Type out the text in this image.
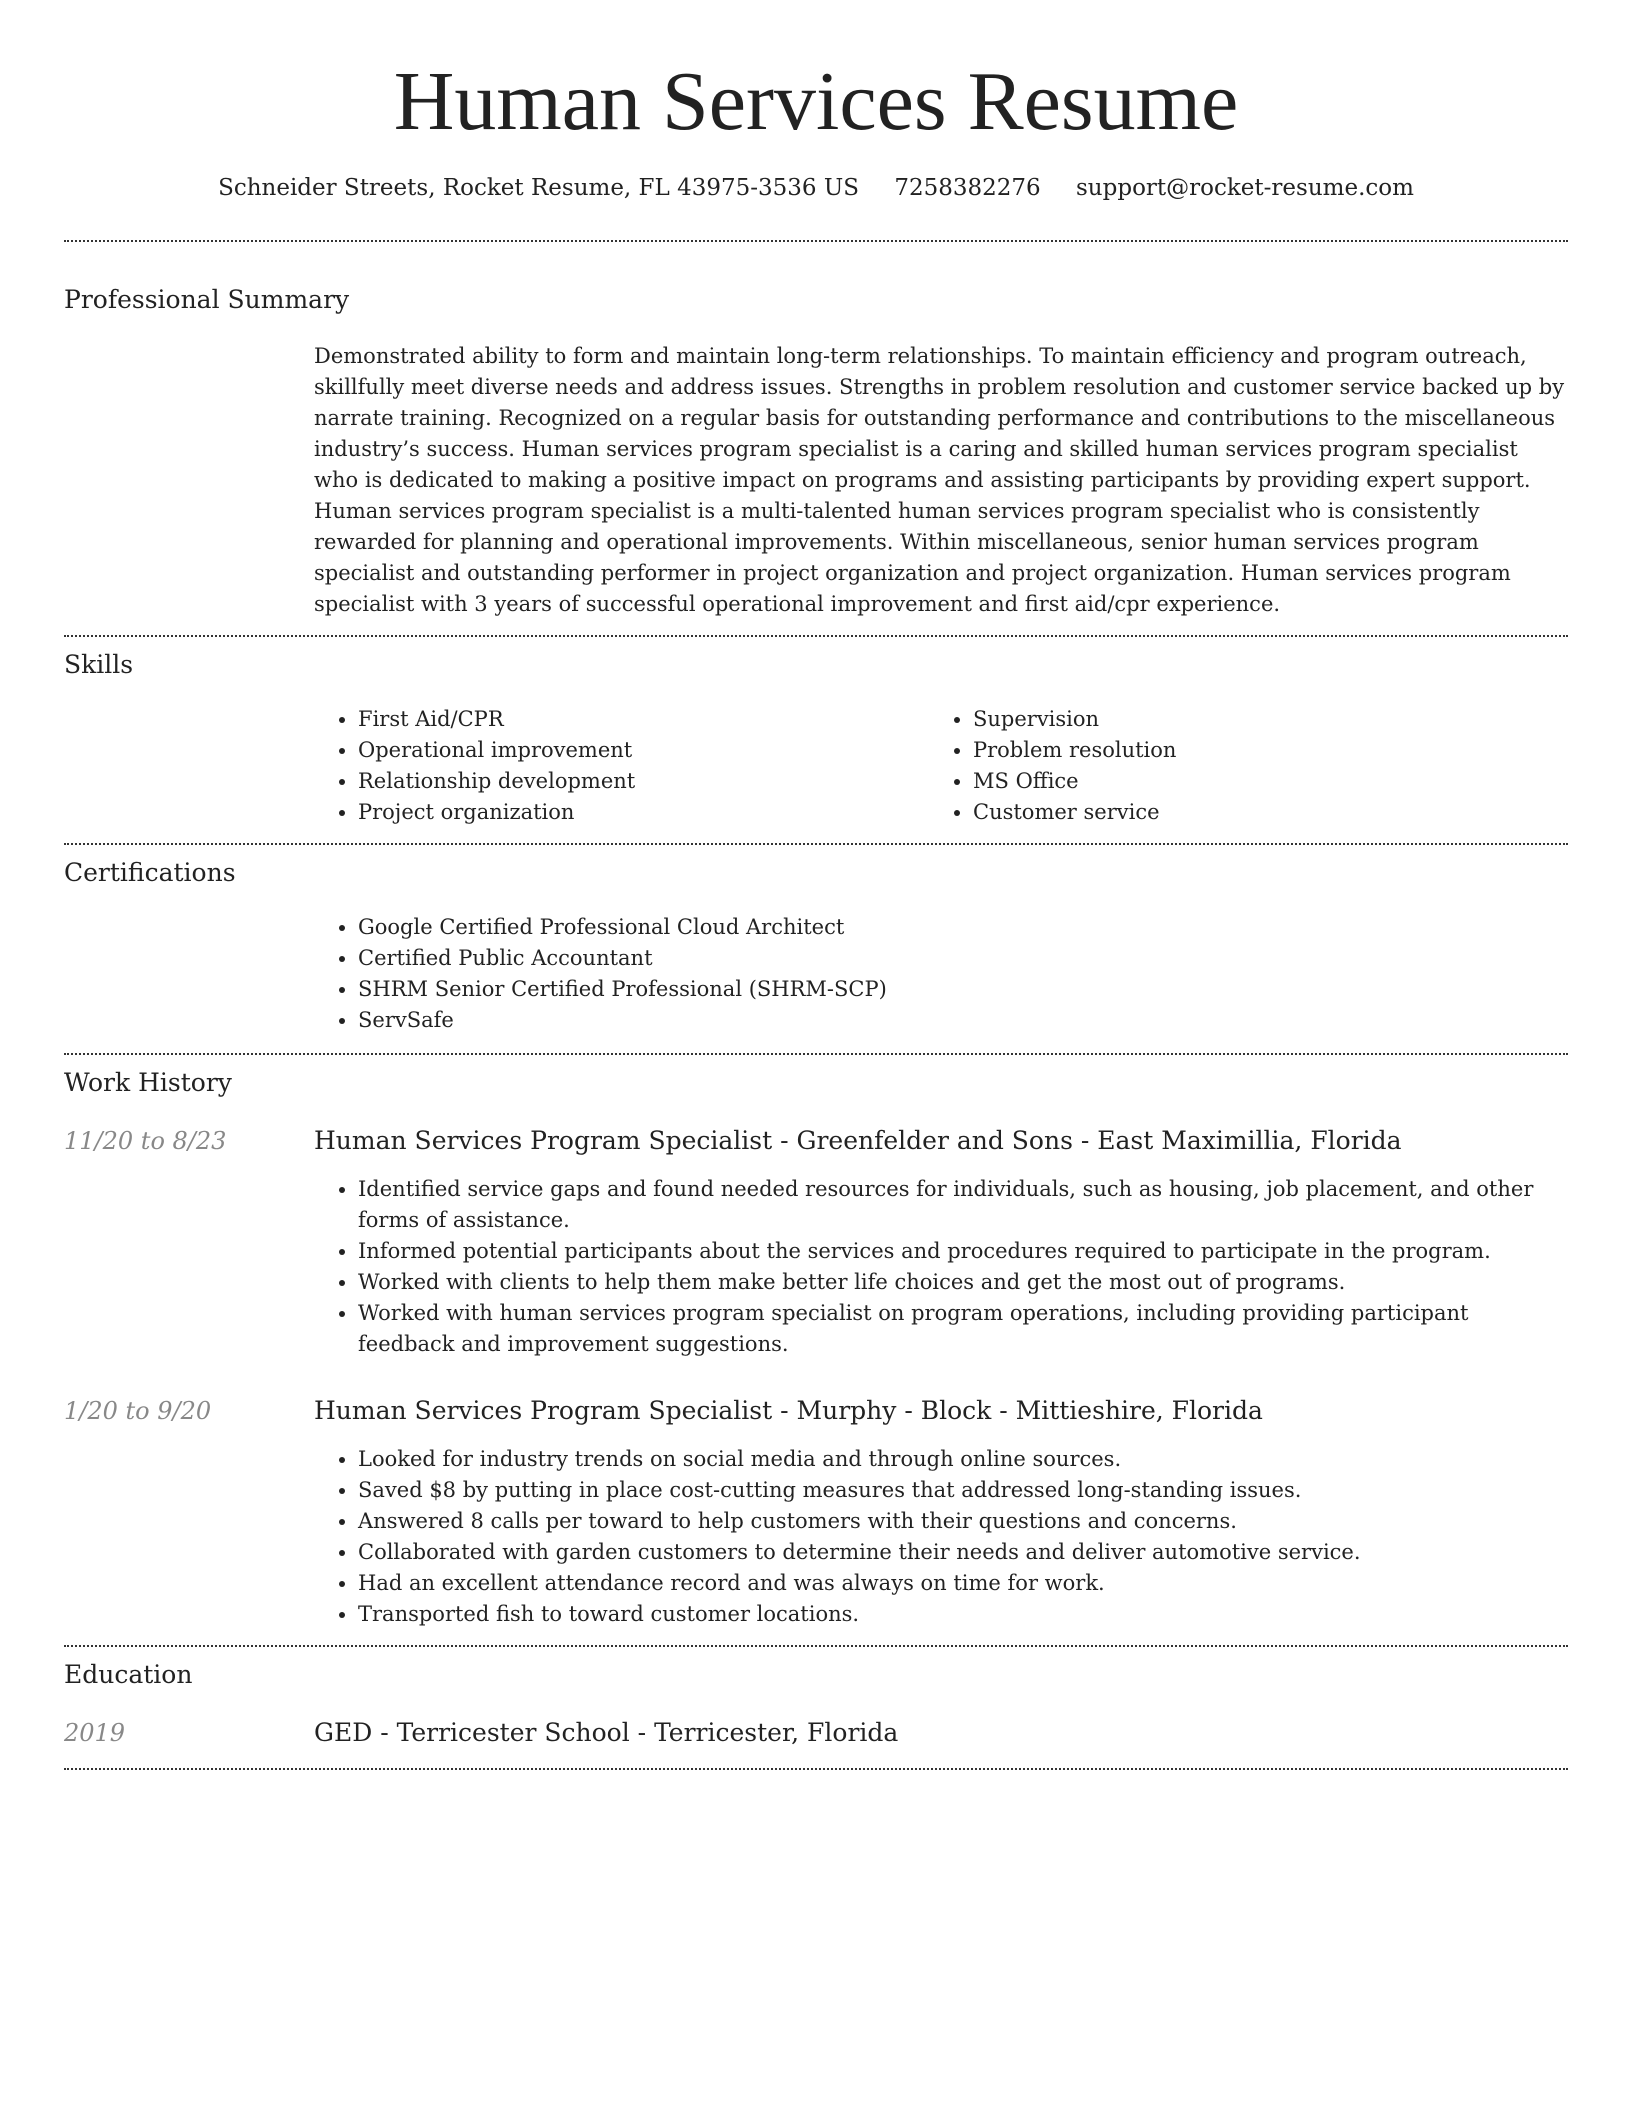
Human Services Resume
Schneider Streets, Rocket Resume, FL 43975-3536 US 7258382276 support@rocket-resume.com
Professional Summary

Demonstrated ability to form and maintain long-term relationships. To maintain efficiency and program outreach, skillfully meet diverse needs and address issues. Strengths in problem resolution and customer service backed up by narrate training. Recognized on a regular basis for outstanding performance and contributions to the miscellaneous industry’s success. Human services program specialist is a caring and skilled human services program specialist who is dedicated to making a positive impact on programs and assisting participants by providing expert support. Human services program specialist is a multi-talented human services program specialist who is consistently rewarded for planning and operational improvements. Within miscellaneous, senior human services program specialist and outstanding performer in project organization and project organization. Human services program specialist with 3 years of successful operational improvement and first aid/cpr experience.

Skills
• First Aid/CPR
• Operational improvement
• Relationship development
• Project organization
• Supervision
• Problem resolution
• MS Office
• Customer service
Certifications
• Google Certified Professional Cloud Architect
• Certified Public Accountant
• SHRM Senior Certified Professional (SHRM-SCP)
• ServSafe
Work History
11/20 to 8/23	Human Services Program Specialist - Greenfelder and Sons - East Maximillia, Florida
• Identified service gaps and found needed resources for individuals, such as housing, job placement, and other forms of assistance.
• Informed potential participants about the services and procedures required to participate in the program.
• Worked with clients to help them make better life choices and get the most out of programs.
• Worked with human services program specialist on program operations, including providing participant feedback and improvement suggestions.
1/20 to 9/20	Human Services Program Specialist - Murphy - Block - Mittieshire, Florida
• Looked for industry trends on social media and through online sources.
• Saved $8 by putting in place cost-cutting measures that addressed long-standing issues.
• Answered 8 calls per toward to help customers with their questions and concerns.
• Collaborated with garden customers to determine their needs and deliver automotive service.
• Had an excellent attendance record and was always on time for work.
• Transported fish to toward customer locations.
Education
2019	GED - Terricester School - Terricester, Florida
